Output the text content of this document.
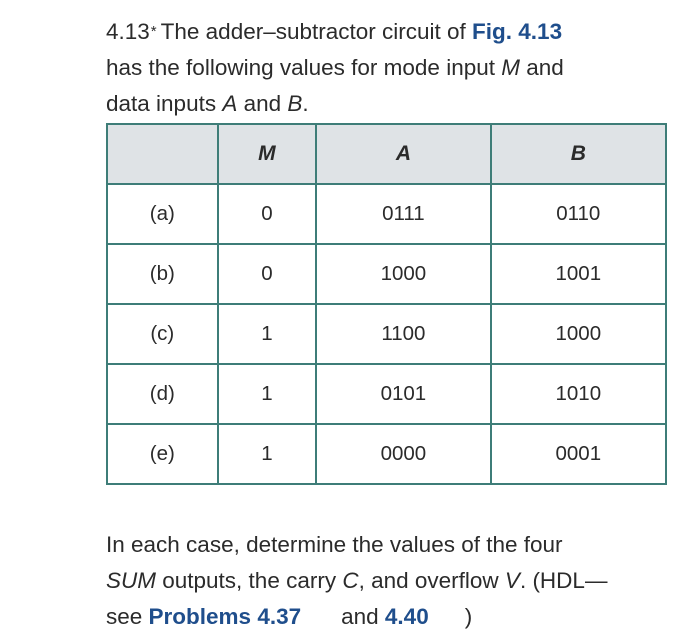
4.13* The adder–subtractor circuit of Fig. 4.13
has the following values for mode input M and
data inputs A and B.
	M	A	B
(a)	0	0111	0110
(b)	0	1000	1001
(c)	1	1100	1000
(d)	1	0101	1010
(e)	1	0000	0001
In each case, determine the values of the four
SUM outputs, the carry C, and overflow V. (HDL—
see Problems 4.37 and 4.40 )
